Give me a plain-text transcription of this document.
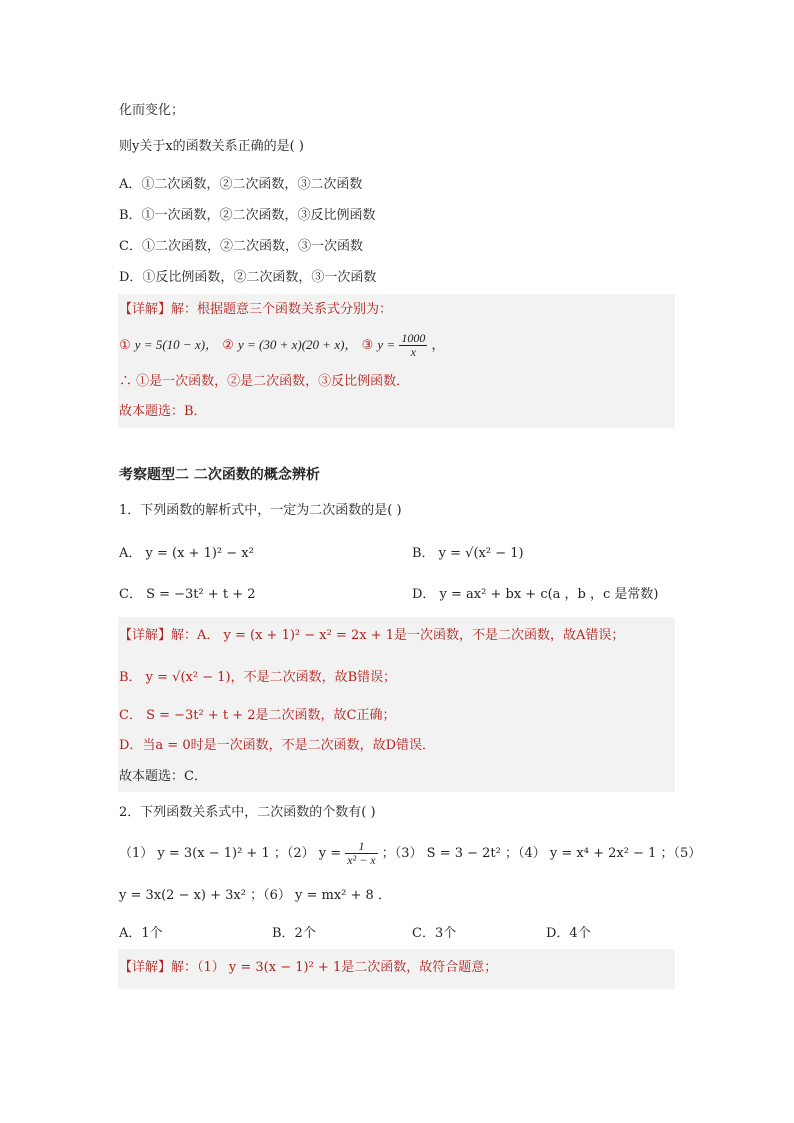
化而变化；
则y关于x的函数关系正确的是( )
A．①二次函数，②二次函数，③二次函数
B．①一次函数，②二次函数，③反比例函数
C．①二次函数，②二次函数，③一次函数
D．①反比例函数，②二次函数，③一次函数
【详解】解：根据题意三个函数关系式分别为：
① y = 5(10 − x)， ② y = (30 + x)(20 + x)， ③ $y = \frac{1000}{x}$ ，
∴ ①是一次函数，②是二次函数，③反比例函数．
故本题选：B．
考察题型二 二次函数的概念辨析
1．下列函数的解析式中，一定为二次函数的是( )
A． y = (x + 1)² − x²	B． y = √(x² − 1)
C． S = −3t² + t + 2	D． y = ax² + bx + c(a ，b ，c 是常数)
【详解】解：A． y = (x + 1)² − x² = 2x + 1是一次函数，不是二次函数，故A错误；
B． y = √(x² − 1)，不是二次函数，故B错误；
C． S = −3t² + t + 2是二次函数，故C正确；
D．当a = 0时是一次函数，不是二次函数，故D错误．
故本题选：C．
2．下列函数关系式中，二次函数的个数有( )
（1） y = 3(x − 1)² + 1 ；（2） $y = \frac{1}{\text{x² − x}}$ ；（3） S = 3 − 2t² ；（4） y = x⁴ + 2x² − 1 ；（5）
y = 3x(2 − x) + 3x² ；（6） y = mx² + 8 ．
A．1个	B．2个	C．3个	D．4个
【详解】解：（1） y = 3(x − 1)² + 1是二次函数，故符合题意；
